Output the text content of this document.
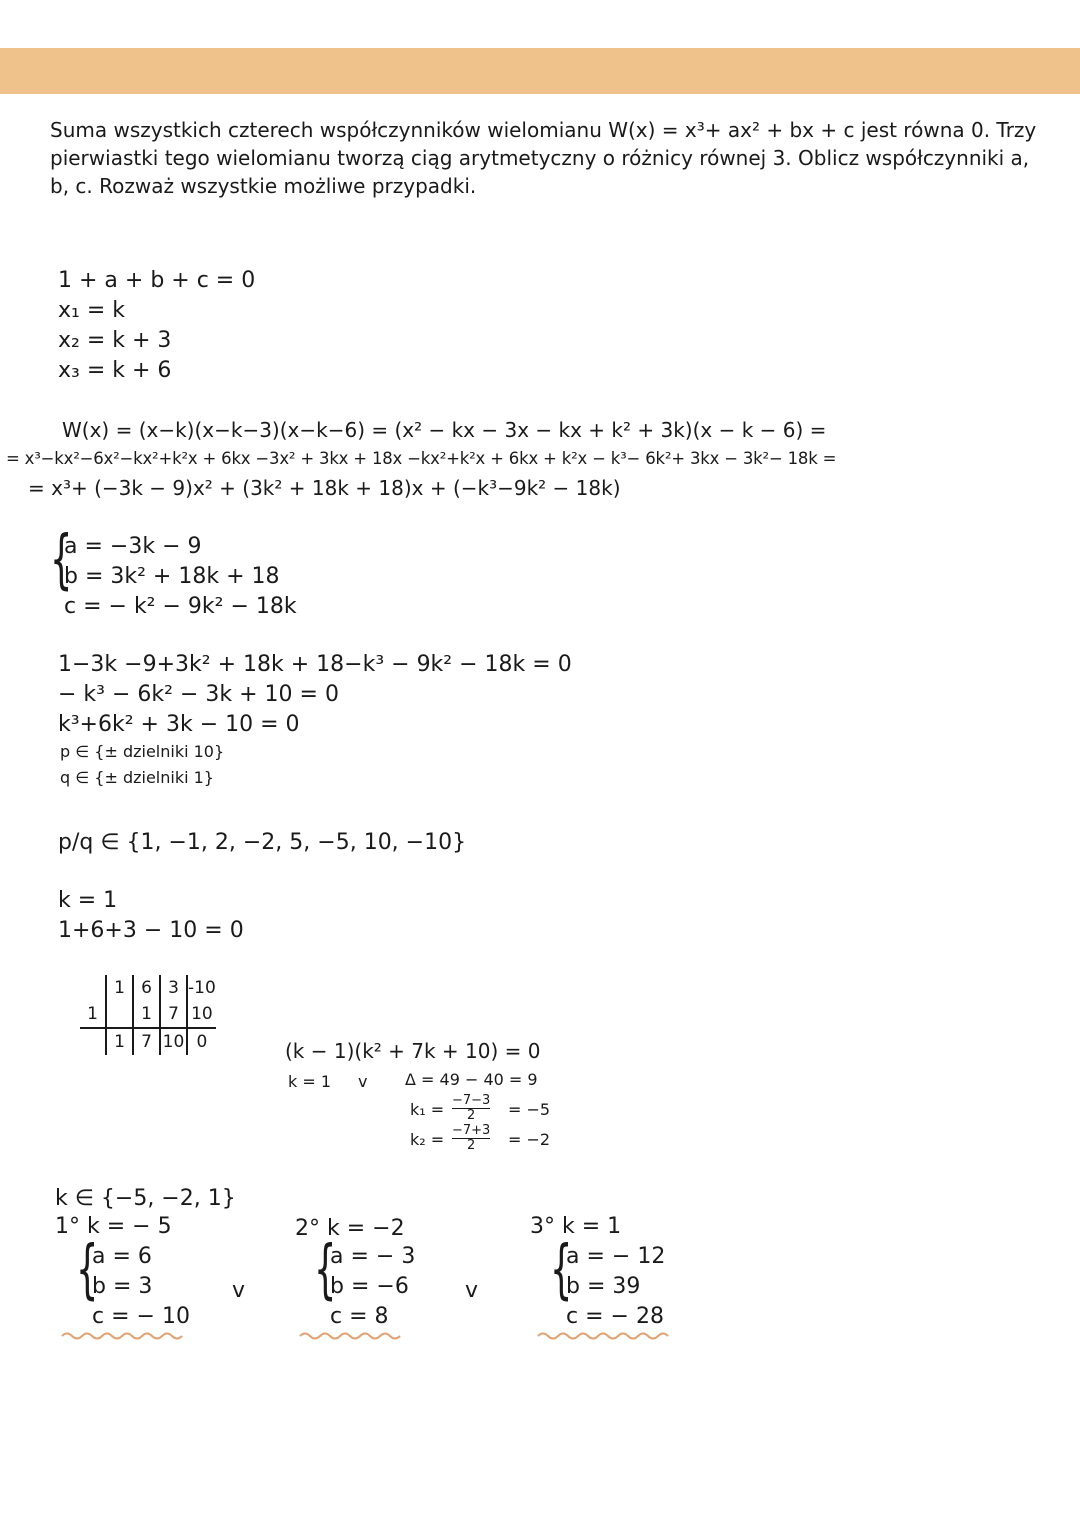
Suma wszystkich czterech współczynników wielomianu W(x) = x³+ ax² + bx + c jest równa 0. Trzy pierwiastki tego wielomianu tworzą ciąg arytmetyczny o różnicy równej 3. Oblicz współczynniki a, b, c. Rozważ wszystkie możliwe przypadki.
1 + a + b + c = 0
x₁ = k
x₂ = k + 3
x₃ = k + 6
W(x) = (x−k)(x−k−3)(x−k−6) = (x² − kx − 3x − kx + k² + 3k)(x − k − 6) =
= x³−kx²−6x²−kx²+k²x + 6kx −3x² + 3kx + 18x −kx²+k²x + 6kx + k²x − k³− 6k²+ 3kx − 3k²− 18k =
= x³+ (−3k − 9)x² + (3k² + 18k + 18)x + (−k³−9k² − 18k)
{
a = −3k − 9
b = 3k² + 18k + 18
c = − k² − 9k² − 18k
1−3k −9+3k² + 18k + 18−k³ − 9k² − 18k = 0
− k³ − 6k² − 3k + 10 = 0
k³+6k² + 3k − 10 = 0
p ∈ {± dzielniki 10}
q ∈ {± dzielniki 1}
p/q ∈ {1, −1, 2, −2, 5, −5, 10, −10}
k = 1
1+6+3 − 10 = 0
	1	6	3	-10
1		1	7	10
	1	7	10	0	(k − 1)(k² + 7k + 10) = 0
k = 1 v Δ = 49 − 40 = 9
$k_1 = \frac{-7-3}{2} = -5$
$k_2 = \frac{-7+3}{2} = -2$
k ∈ {−5, −2, 1}
1° k = − 5
{
a = 6
b = 3
c = − 10
v
2° k = −2
{
a = − 3
b = −6
c = 8
v
3° k = 1
{
a = − 12
b = 39
c = − 28
